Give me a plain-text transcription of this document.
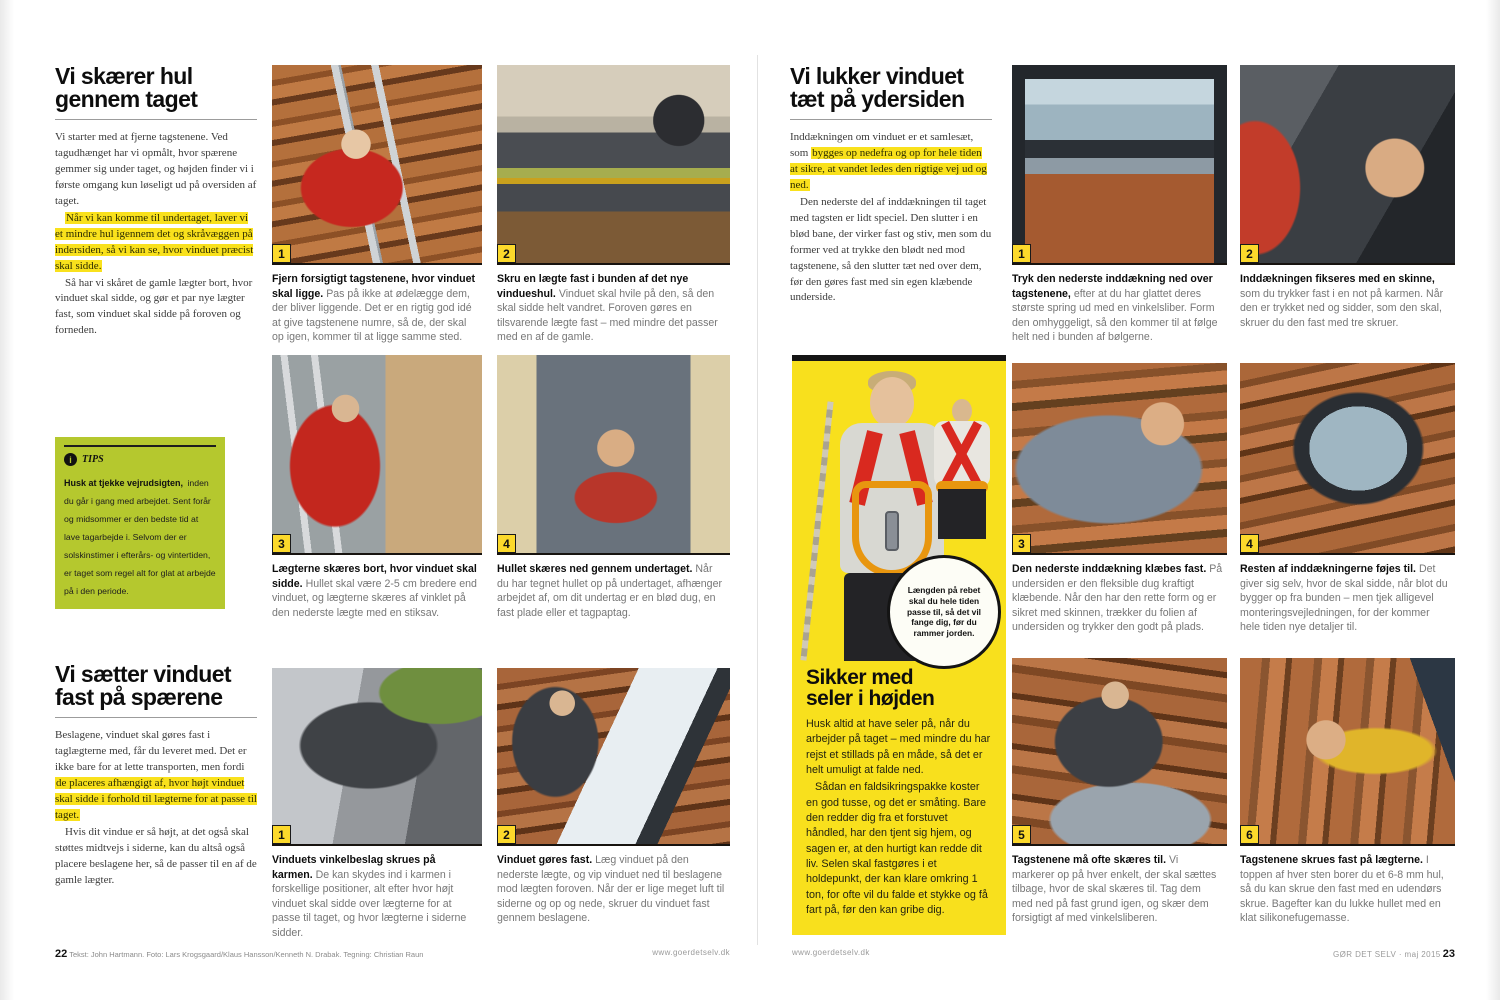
Vi skærer hul
gennem taget

Vi starter med at fjerne tagstenene. Ved tagudhænget har vi opmålt, hvor spærene gemmer sig under taget, og højden finder vi i første omgang kun løseligt ud på oversiden af taget.

Når vi kan komme til undertaget, laver vi et mindre hul igennem det og skråvæggen på indersiden, så vi kan se, hvor vinduet præcist skal sidde.

Så har vi skåret de gamle lægter bort, hvor vinduet skal sidde, og gør et par nye lægter fast, som vinduet skal sidde på foroven og forneden.

i	TIPS
Husk at tjekke vejrudsigten, inden du går i gang med arbejdet. Sent forår og midsommer er den bedste tid at lave tagarbejde i. Selvom der er solskinstimer i efterårs- og vintertiden, er taget som regel alt for glat at arbejde på i den periode.
Vi sætter vinduet
fast på spærene

Beslagene, vinduet skal gøres fast i taglægterne med, får du leveret med. Det er ikke bare for at lette transporten, men fordi de placeres afhængigt af, hvor højt vinduet skal sidde i forhold til lægterne for at passe til taget.

Hvis dit vindue er så højt, at det også skal støttes midtvejs i siderne, kan du altså også placere beslagene her, så de passer til en af de gamle lægter.

1	2
Fjern forsigtigt tagstenene, hvor vinduet skal ligge. Pas på ikke at ødelægge dem, der bliver liggende. Det er en rigtig god idé at give tagstenene numre, så de, der skal op igen, kommer til at ligge samme sted.
Skru en lægte fast i bunden af det nye vindueshul. Vinduet skal hvile på den, så den skal sidde helt vandret. Foroven gøres en tilsvarende lægte fast – med mindre det passer med en af de gamle.
3	4
Lægterne skæres bort, hvor vinduet skal sidde. Hullet skal være 2-5 cm bredere end vinduet, og lægterne skæres af vinklet på den nederste lægte med en stiksav.
Hullet skæres ned gennem undertaget. Når du har tegnet hullet op på undertaget, afhænger arbejdet af, om dit undertag er en blød dug, en fast plade eller et tagpaptag.
1	2
Vinduets vinkelbeslag skrues på karmen. De kan skydes ind i karmen i forskellige positioner, alt efter hvor højt vinduet skal sidde over lægterne for at passe til taget, og hvor lægterne i siderne sidder.
Vinduet gøres fast. Læg vinduet på den nederste lægte, og vip vinduet ned til beslagene mod lægten foroven. Når der er lige meget luft til siderne og op og nede, skruer du vinduet fast gennem beslagene.
22 Tekst: John Hartmann. Foto: Lars Krogsgaard/Klaus Hansson/Kenneth N. Drabak. Tegning: Christian Raun	www.goerdetselv.dk
Vi lukker vinduet
tæt på ydersiden

Inddækningen om vinduet er et samlesæt, som bygges op nedefra og op for hele tiden at sikre, at vandet ledes den rigtige vej ud og ned.

Den nederste del af inddækningen til taget med tagsten er lidt speciel. Den slutter i en blød bane, der virker fast og stiv, men som du former ved at trykke den blødt ned mod tagstenene, så den slutter tæt ned over dem, før den gøres fast med sin egen klæbende underside.

Længden på rebet skal du hele tiden passe til, så det vil fange dig, før du rammer jorden.
Sikker med
seler i højden

Husk altid at have seler på, når du arbejder på taget – med mindre du har rejst et stillads på en måde, så det er helt umuligt at falde ned.

Sådan en faldsikringspakke koster en god tusse, og det er småting. Bare den redder dig fra et forstuvet håndled, har den tjent sig hjem, og sagen er, at den hurtigt kan redde dit liv. Selen skal fastgøres i et holdepunkt, der kan klare omkring 1 ton, for ofte vil du falde et stykke og få fart på, før den kan gribe dig.

1	2
Tryk den nederste inddækning ned over tagstenene, efter at du har glattet deres største spring ud med en vinkelsliber. Form den omhyggeligt, så den kommer til at følge helt ned i bunden af bølgerne.
Inddækningen fikseres med en skinne, som du trykker fast i en not på karmen. Når den er trykket ned og sidder, som den skal, skruer du den fast med tre skruer.
3	4
Den nederste inddækning klæbes fast. På undersiden er den fleksible dug kraftigt klæbende. Når den har den rette form og er sikret med skinnen, trækker du folien af undersiden og trykker den godt på plads.
Resten af inddækningerne føjes til. Det giver sig selv, hvor de skal sidde, når blot du bygger op fra bunden – men tjek alligevel monteringsvejledningen, for der kommer hele tiden nye detaljer til.
5	6
Tagstenene må ofte skæres til. Vi markerer op på hver enkelt, der skal sættes tilbage, hvor de skal skæres til. Tag dem med ned på fast grund igen, og skær dem forsigtigt af med vinkelsliberen.
Tagstenene skrues fast på lægterne. I toppen af hver sten borer du et 6-8 mm hul, så du kan skrue den fast med en udendørs skrue. Bagefter kan du lukke hullet med en klat silikonefugemasse.
www.goerdetselv.dk	GØR DET SELV · maj 2015 23
